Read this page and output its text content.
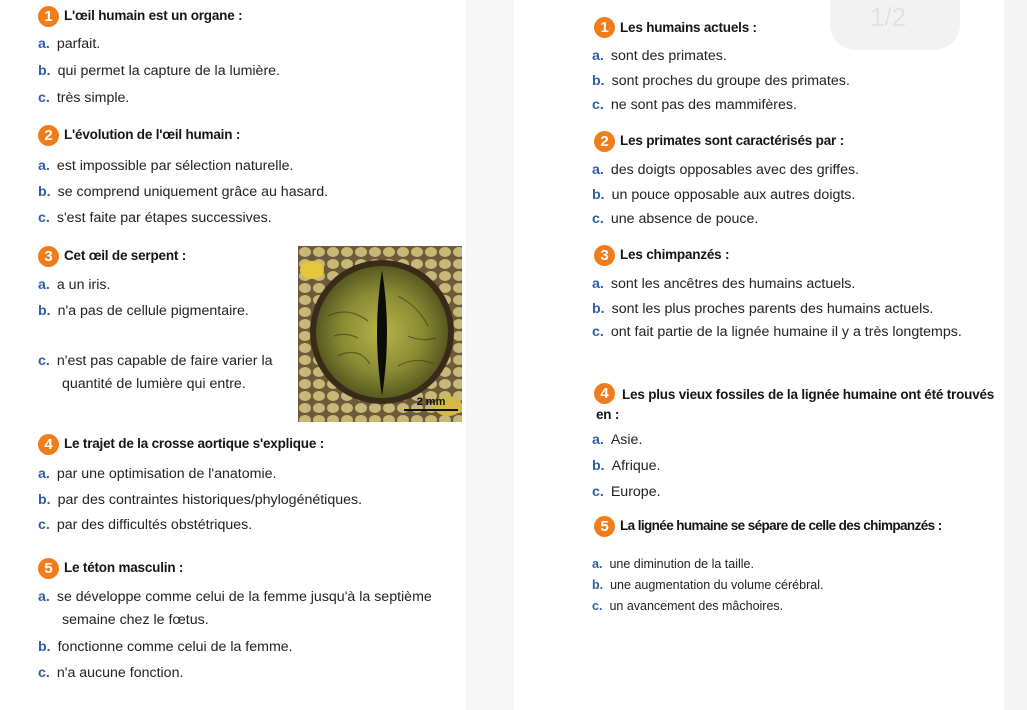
1/2
1 L'œil humain est un organe :
a. parfait.
b. qui permet la capture de la lumière.
c. très simple.
2 L'évolution de l'œil humain :
a. est impossible par sélection naturelle.
b. se comprend uniquement grâce au hasard.
c. s'est faite par étapes successives.
3 Cet œil de serpent :
a. a un iris.
b. n'a pas de cellule pigmentaire.
c. n'est pas capable de faire varier la quantité de lumière qui entre.
2 mm
4 Le trajet de la crosse aortique s'explique :
a. par une optimisation de l'anatomie.
b. par des contraintes historiques/phylogénétiques.
c. par des difficultés obstétriques.
5 Le téton masculin :
a. se développe comme celui de la femme jusqu'à la septième semaine chez le fœtus.
b. fonctionne comme celui de la femme.
c. n'a aucune fonction.
1 Les humains actuels :
a. sont des primates.
b. sont proches du groupe des primates.
c. ne sont pas des mammifères.
2 Les primates sont caractérisés par :
a. des doigts opposables avec des griffes.
b. un pouce opposable aux autres doigts.
c. une absence de pouce.
3 Les chimpanzés :
a. sont les ancêtres des humains actuels.
b. sont les plus proches parents des humains actuels.
c. ont fait partie de la lignée humaine il y a très longtemps.
4 Les plus vieux fossiles de la lignée humaine ont été trouvés en :
a. Asie.
b. Afrique.
c. Europe.
5 La lignée humaine se sépare de celle des chimpanzés :
a. une diminution de la taille.
b. une augmentation du volume cérébral.
c. un avancement des mâchoires.
